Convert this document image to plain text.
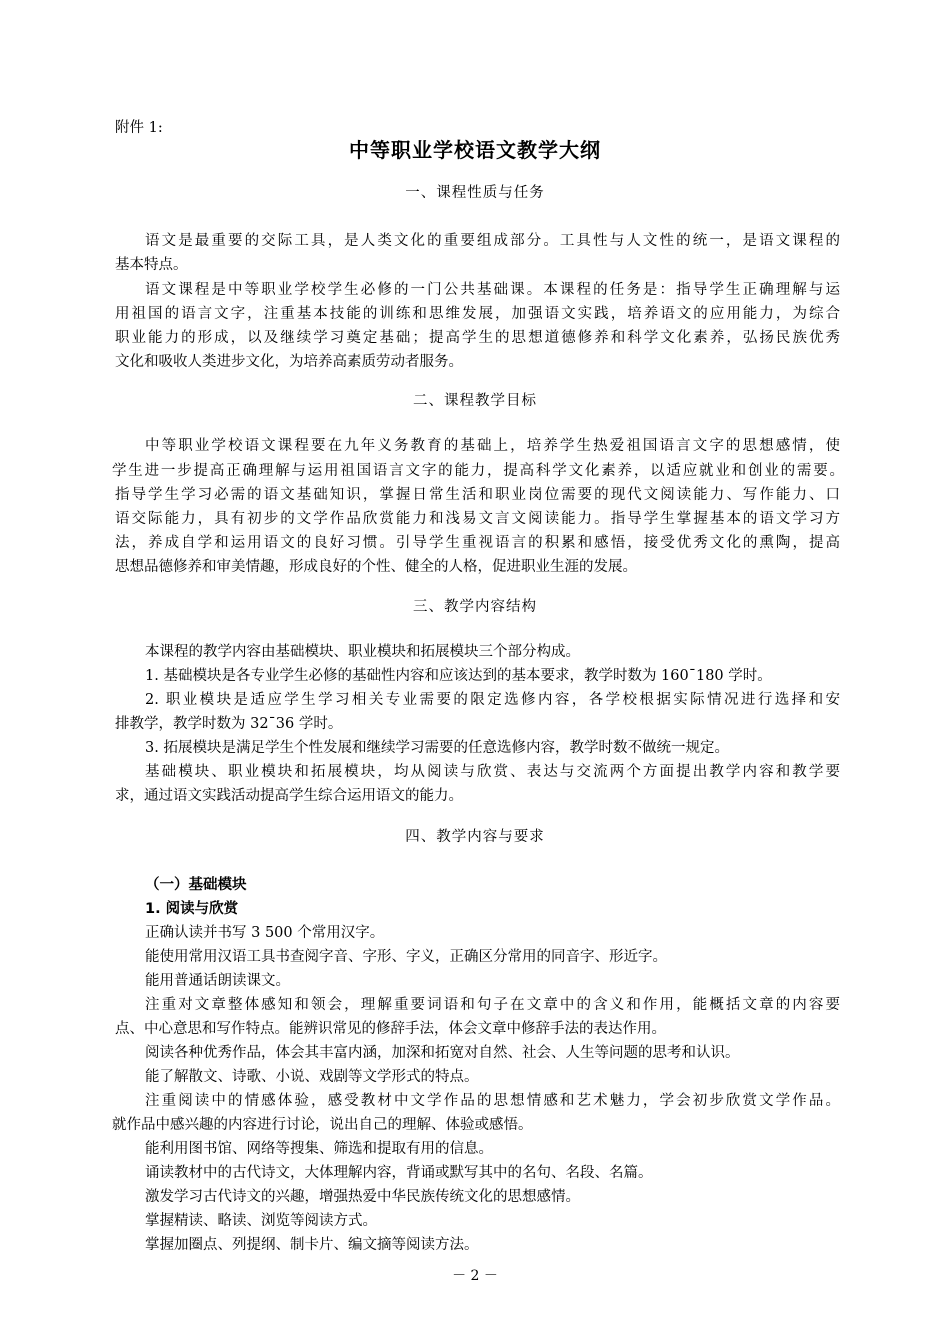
附件 1:

中等职业学校语文教学大纲

一、课程性质与任务

语文是最重要的交际工具，是人类文化的重要组成部分。工具性与人文性的统一，是语文课程的

基本特点。

语文课程是中等职业学校学生必修的一门公共基础课。本课程的任务是：指导学生正确理解与运

用祖国的语言文字，注重基本技能的训练和思维发展，加强语文实践，培养语文的应用能力，为综合

职业能力的形成，以及继续学习奠定基础；提高学生的思想道德修养和科学文化素养，弘扬民族优秀

文化和吸收人类进步文化，为培养高素质劳动者服务。

二、课程教学目标

中等职业学校语文课程要在九年义务教育的基础上，培养学生热爱祖国语言文字的思想感情，使

学生进一步提高正确理解与运用祖国语言文字的能力，提高科学文化素养，以适应就业和创业的需要。

指导学生学习必需的语文基础知识，掌握日常生活和职业岗位需要的现代文阅读能力、写作能力、口

语交际能力，具有初步的文学作品欣赏能力和浅易文言文阅读能力。指导学生掌握基本的语文学习方

法，养成自学和运用语文的良好习惯。引导学生重视语言的积累和感悟，接受优秀文化的熏陶，提高

思想品德修养和审美情趣，形成良好的个性、健全的人格，促进职业生涯的发展。

三、教学内容结构

本课程的教学内容由基础模块、职业模块和拓展模块三个部分构成。

1. 基础模块是各专业学生必修的基础性内容和应该达到的基本要求，教学时数为 160¯180 学时。

2. 职业模块是适应学生学习相关专业需要的限定选修内容，各学校根据实际情况进行选择和安

排教学，教学时数为 32¯36 学时。

3. 拓展模块是满足学生个性发展和继续学习需要的任意选修内容，教学时数不做统一规定。

基础模块、职业模块和拓展模块，均从阅读与欣赏、表达与交流两个方面提出教学内容和教学要

求，通过语文实践活动提高学生综合运用语文的能力。

四、教学内容与要求

（一）基础模块

1. 阅读与欣赏

正确认读并书写 3 500 个常用汉字。

能使用常用汉语工具书查阅字音、字形、字义，正确区分常用的同音字、形近字。

能用普通话朗读课文。

注重对文章整体感知和领会，理解重要词语和句子在文章中的含义和作用，能概括文章的内容要

点、中心意思和写作特点。能辨识常见的修辞手法，体会文章中修辞手法的表达作用。

阅读各种优秀作品，体会其丰富内涵，加深和拓宽对自然、社会、人生等问题的思考和认识。

能了解散文、诗歌、小说、戏剧等文学形式的特点。

注重阅读中的情感体验，感受教材中文学作品的思想情感和艺术魅力，学会初步欣赏文学作品。

就作品中感兴趣的内容进行讨论，说出自己的理解、体验或感悟。

能利用图书馆、网络等搜集、筛选和提取有用的信息。

诵读教材中的古代诗文，大体理解内容，背诵或默写其中的名句、名段、名篇。

激发学习古代诗文的兴趣，增强热爱中华民族传统文化的思想感情。

掌握精读、略读、浏览等阅读方式。

掌握加圈点、列提纲、制卡片、编文摘等阅读方法。

－ 2 －
